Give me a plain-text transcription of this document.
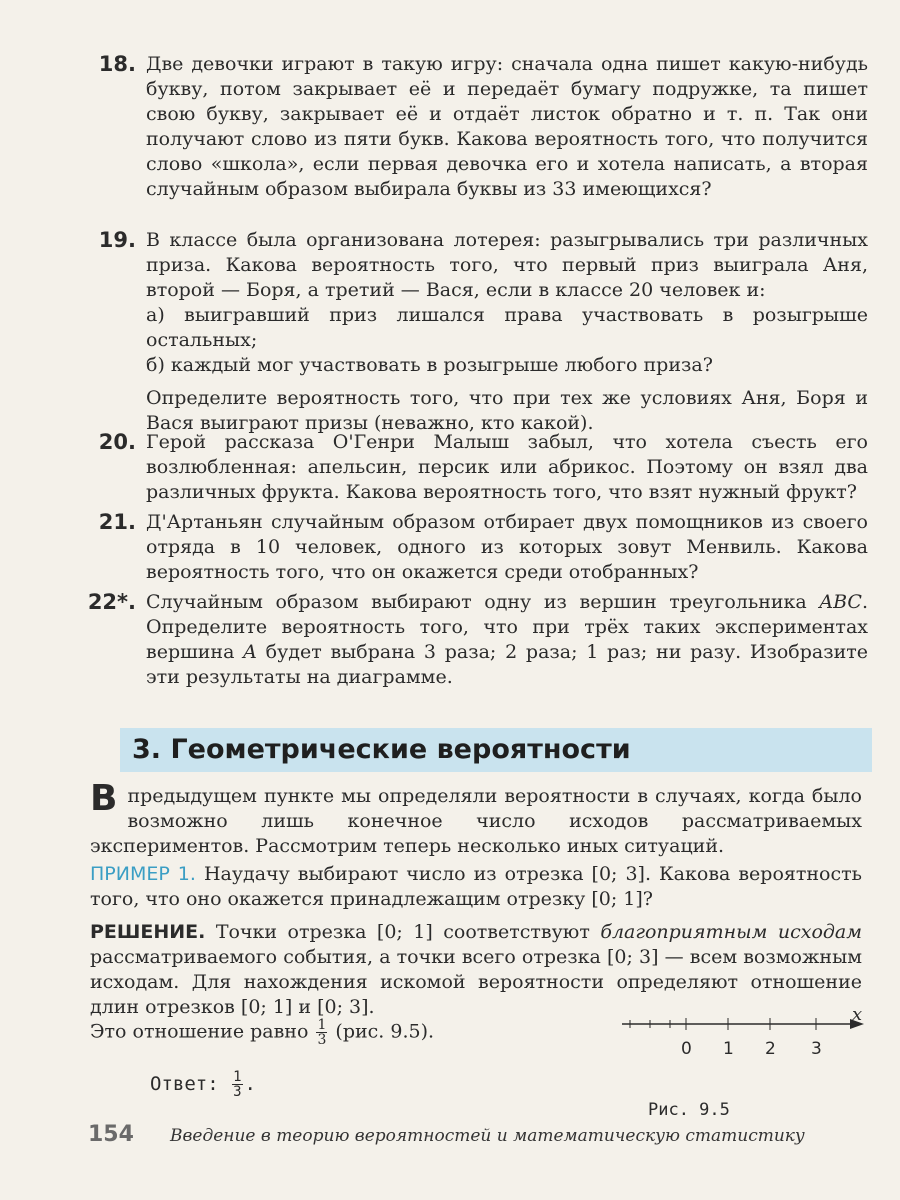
18. Две девочки играют в такую игру: сначала одна пишет какую-нибудь букву, потом закрывает её и передаёт бумагу подружке, та пишет свою букву, закрывает её и отдаёт листок обратно и т. п. Так они получают слово из пяти букв. Какова вероятность того, что получится слово «школа», если первая девочка его и хотела написать, а вторая случайным образом выбирала буквы из 33 имеющихся?

19. В классе была организована лотерея: разыгрывались три различных приза. Какова вероятность того, что первый приз выиграла Аня, второй — Боря, а третий — Вася, если в классе 20 человек и:

а) выигравший приз лишался права участвовать в розыгрыше остальных;

б) каждый мог участвовать в розыгрыше любого приза?

Определите вероятность того, что при тех же условиях Аня, Боря и Вася выиграют призы (неважно, кто какой).

20. Герой рассказа О'Генри Малыш забыл, что хотела съесть его возлюбленная: апельсин, персик или абрикос. Поэтому он взял два различных фрукта. Какова вероятность того, что взят нужный фрукт?

21. Д'Артаньян случайным образом отбирает двух помощников из своего отряда в 10 человек, одного из которых зовут Менвиль. Какова вероятность того, что он окажется среди отобранных?

22*. Случайным образом выбирают одну из вершин треугольника ABC. Определите вероятность того, что при трёх таких экспериментах вершина A будет выбрана 3 раза; 2 раза; 1 раз; ни разу. Изобразите эти результаты на диаграмме.

3. Геометрические вероятности
В предыдущем пункте мы определяли вероятности в случаях, когда было возможно лишь конечное число исходов рассматриваемых экспериментов. Рассмотрим теперь несколько иных ситуаций.
ПРИМЕР 1. Наудачу выбирают число из отрезка [0; 3]. Какова вероятность того, что оно окажется принадлежащим отрезку [0; 1]?
РЕШЕНИЕ. Точки отрезка [0; 1] соответствуют благоприятным исходам рассматриваемого события, а точки всего отрезка [0; 3] — всем возможным исходам. Для нахождения искомой вероятности определяют отношение длин отрезков [0; 1] и [0; 3].
Это отношение равно $\frac{1}{3} (рис$. 9.5).
Ответ: $\frac{1}{3}$ .
x
0 1 2 3
Рис. 9.5
154 Введение в теорию вероятностей и математическую статистику
